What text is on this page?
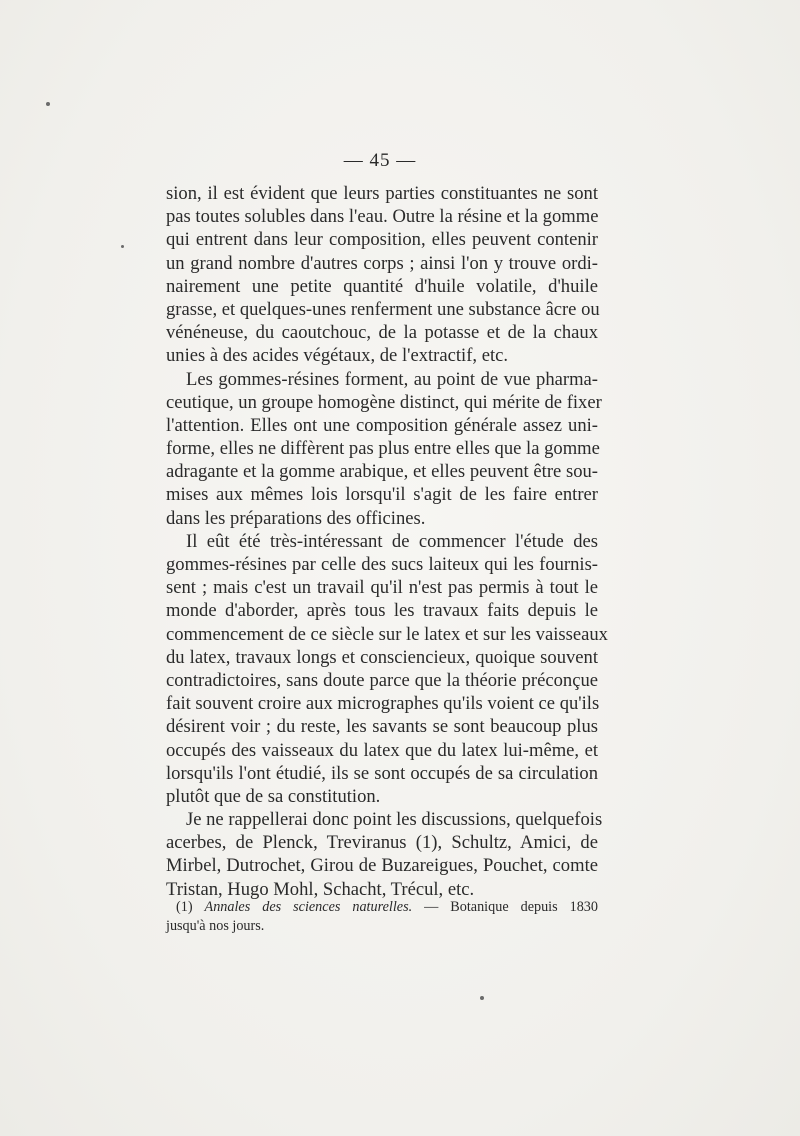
— 45 —
sion, il est évident que leurs parties constituantes ne sont
pas toutes solubles dans l'eau. Outre la résine et la gomme
qui entrent dans leur composition, elles peuvent contenir
un grand nombre d'autres corps ; ainsi l'on y trouve ordi-
nairement une petite quantité d'huile volatile, d'huile
grasse, et quelques-unes renferment une substance âcre ou
vénéneuse, du caoutchouc, de la potasse et de la chaux
unies à des acides végétaux, de l'extractif, etc.
Les gommes-résines forment, au point de vue pharma-
ceutique, un groupe homogène distinct, qui mérite de fixer
l'attention. Elles ont une composition générale assez uni-
forme, elles ne diffèrent pas plus entre elles que la gomme
adragante et la gomme arabique, et elles peuvent être sou-
mises aux mêmes lois lorsqu'il s'agit de les faire entrer
dans les préparations des officines.
Il eût été très-intéressant de commencer l'étude des
gommes-résines par celle des sucs laiteux qui les fournis-
sent ; mais c'est un travail qu'il n'est pas permis à tout le
monde d'aborder, après tous les travaux faits depuis le
commencement de ce siècle sur le latex et sur les vaisseaux
du latex, travaux longs et consciencieux, quoique souvent
contradictoires, sans doute parce que la théorie préconçue
fait souvent croire aux micrographes qu'ils voient ce qu'ils
désirent voir ; du reste, les savants se sont beaucoup plus
occupés des vaisseaux du latex que du latex lui-même, et
lorsqu'ils l'ont étudié, ils se sont occupés de sa circulation
plutôt que de sa constitution.
Je ne rappellerai donc point les discussions, quelquefois
acerbes, de Plenck, Treviranus (1), Schultz, Amici, de
Mirbel, Dutrochet, Girou de Buzareigues, Pouchet, comte
Tristan, Hugo Mohl, Schacht, Trécul, etc.
(1) Annales des sciences naturelles. — Botanique depuis 1830
jusqu'à nos jours.
